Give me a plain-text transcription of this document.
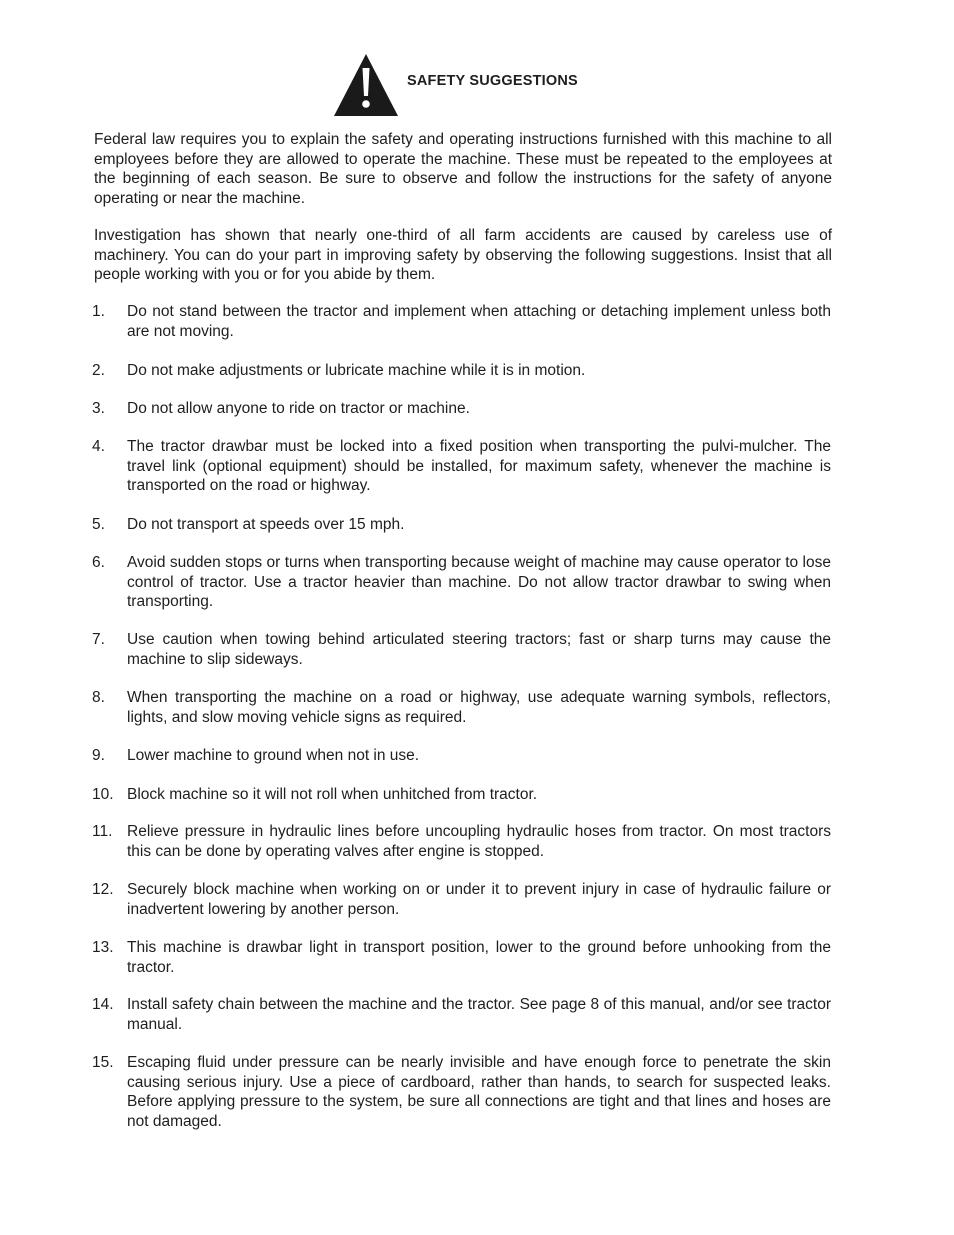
SAFETY SUGGESTIONS

Federal law requires you to explain the safety and operating instructions furnished with this machine to all employees before they are allowed to operate the machine. These must be repeated to the employees at the beginning of each season. Be sure to observe and follow the instructions for the safety of anyone operating or near the machine.

Investigation has shown that nearly one-third of all farm accidents are caused by careless use of machinery. You can do your part in improving safety by observing the following suggestions. Insist that all people working with you or for you abide by them.

1.	Do not stand between the tractor and implement when attaching or detaching implement unless both are not moving.
2.	Do not make adjustments or lubricate machine while it is in motion.
3.	Do not allow anyone to ride on tractor or machine.
4.	The tractor drawbar must be locked into a fixed position when transporting the pulvi-mulcher. The travel link (optional equipment) should be installed, for maximum safety, whenever the machine is transported on the road or highway.
5.	Do not transport at speeds over 15 mph.
6.	Avoid sudden stops or turns when transporting because weight of machine may cause operator to lose control of tractor. Use a tractor heavier than machine. Do not allow tractor drawbar to swing when transporting.
7.	Use caution when towing behind articulated steering tractors; fast or sharp turns may cause the machine to slip sideways.
8.	When transporting the machine on a road or highway, use adequate warning symbols, reflectors, lights, and slow moving vehicle signs as required.
9.	Lower machine to ground when not in use.
10. Block machine so it will not roll when unhitched from tractor.
11. Relieve pressure in hydraulic lines before uncoupling hydraulic hoses from tractor. On most tractors this can be done by operating valves after engine is stopped.
12. Securely block machine when working on or under it to prevent injury in case of hydraulic failure or inadvertent lowering by another person.
13. This machine is drawbar light in transport position, lower to the ground before unhooking from the tractor.
14. Install safety chain between the machine and the tractor. See page 8 of this manual, and/or see tractor manual.
15. Escaping fluid under pressure can be nearly invisible and have enough force to penetrate the skin causing serious injury. Use a piece of cardboard, rather than hands, to search for suspected leaks. Before applying pressure to the system, be sure all connections are tight and that lines and hoses are not damaged.
